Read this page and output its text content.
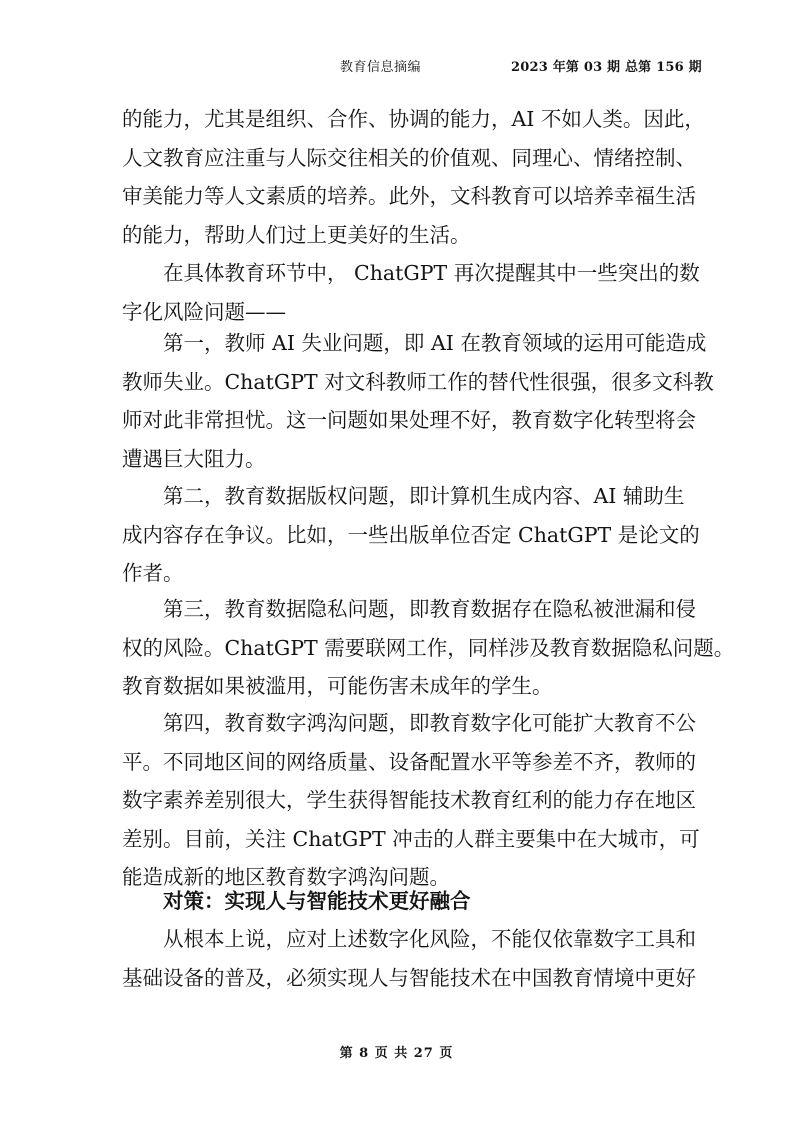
教育信息摘编	2023 年第 03 期 总第 156 期
的能力，尤其是组织、合作、协调的能力，AI 不如人类。因此，
人文教育应注重与人际交往相关的价值观、同理心、情绪控制、
审美能力等人文素质的培养。此外，文科教育可以培养幸福生活
的能力，帮助人们过上更美好的生活。
在具体教育环节中， ChatGPT 再次提醒其中一些突出的数
字化风险问题——
第一，教师 AI 失业问题，即 AI 在教育领域的运用可能造成
教师失业。ChatGPT 对文科教师工作的替代性很强，很多文科教
师对此非常担忧。这一问题如果处理不好，教育数字化转型将会
遭遇巨大阻力。
第二，教育数据版权问题，即计算机生成内容、AI 辅助生
成内容存在争议。比如，一些出版单位否定 ChatGPT 是论文的
作者。
第三，教育数据隐私问题，即教育数据存在隐私被泄漏和侵
权的风险。ChatGPT 需要联网工作，同样涉及教育数据隐私问题。
教育数据如果被滥用，可能伤害未成年的学生。
第四，教育数字鸿沟问题，即教育数字化可能扩大教育不公
平。不同地区间的网络质量、设备配置水平等参差不齐，教师的
数字素养差别很大，学生获得智能技术教育红利的能力存在地区
差别。目前，关注 ChatGPT 冲击的人群主要集中在大城市，可
能造成新的地区教育数字鸿沟问题。
对策：实现人与智能技术更好融合
从根本上说，应对上述数字化风险，不能仅依靠数字工具和
基础设备的普及，必须实现人与智能技术在中国教育情境中更好
第 8 页 共 27 页
